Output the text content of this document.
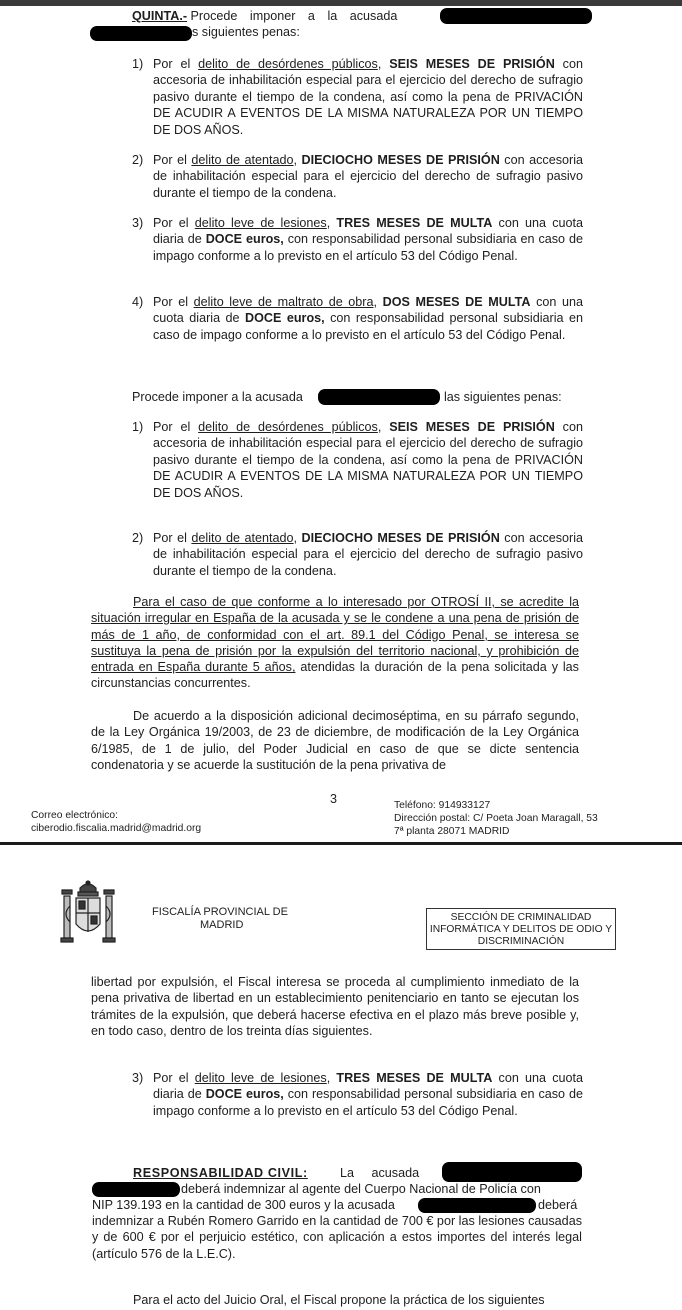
QUINTA.- Procede imponer a la acusada
s siguientes penas:
1) Por el delito de desórdenes públicos, SEIS MESES DE PRISIÓN con accesoria de inhabilitación especial para el ejercicio del derecho de sufragio pasivo durante el tiempo de la condena, así como la pena de PRIVACIÓN DE ACUDIR A EVENTOS DE LA MISMA NATURALEZA POR UN TIEMPO DE DOS AÑOS.
2) Por el delito de atentado, DIECIOCHO MESES DE PRISIÓN con accesoria de inhabilitación especial para el ejercicio del derecho de sufragio pasivo durante el tiempo de la condena.
3) Por el delito leve de lesiones, TRES MESES DE MULTA con una cuota diaria de DOCE euros, con responsabilidad personal subsidiaria en caso de impago conforme a lo previsto en el artículo 53 del Código Penal.
4) Por el delito leve de maltrato de obra, DOS MESES DE MULTA con una cuota diaria de DOCE euros, con responsabilidad personal subsidiaria en caso de impago conforme a lo previsto en el artículo 53 del Código Penal.
Procede imponer a la acusada	las siguientes penas:
1) Por el delito de desórdenes públicos, SEIS MESES DE PRISIÓN con accesoria de inhabilitación especial para el ejercicio del derecho de sufragio pasivo durante el tiempo de la condena, así como la pena de PRIVACIÓN DE ACUDIR A EVENTOS DE LA MISMA NATURALEZA POR UN TIEMPO DE DOS AÑOS.
2) Por el delito de atentado, DIECIOCHO MESES DE PRISIÓN con accesoria de inhabilitación especial para el ejercicio del derecho de sufragio pasivo durante el tiempo de la condena.
Para el caso de que conforme a lo interesado por OTROSÍ II, se acredite la situación irregular en España de la acusada y se le condene a una pena de prisión de más de 1 año, de conformidad con el art. 89.1 del Código Penal, se interesa se sustituya la pena de prisión por la expulsión del territorio nacional, y prohibición de entrada en España durante 5 años, atendidas la duración de la pena solicitada y las circunstancias concurrentes.
De acuerdo a la disposición adicional decimoséptima, en su párrafo segundo, de la Ley Orgánica 19/2003, de 23 de diciembre, de modificación de la Ley Orgánica 6/1985, de 1 de julio, del Poder Judicial en caso de que se dicte sentencia condenatoria y se acuerde la sustitución de la pena privativa de
Correo electrónico:
ciberodio.fiscalia.madrid@madrid.org
3	Teléfono: 914933127
Dirección postal: C/ Poeta Joan Maragall, 53
7ª planta 28071 MADRID
FISCALÍA PROVINCIAL DE
MADRID
SECCIÓN DE CRIMINALIDAD
INFORMÁTICA Y DELITOS DE ODIO Y
DISCRIMINACIÓN
libertad por expulsión, el Fiscal interesa se proceda al cumplimiento inmediato de la pena privativa de libertad en un establecimiento penitenciario en tanto se ejecutan los trámites de la expulsión, que deberá hacerse efectiva en el plazo más breve posible y, en todo caso, dentro de los treinta días siguientes.
3) Por el delito leve de lesiones, TRES MESES DE MULTA con una cuota diaria de DOCE euros, con responsabilidad personal subsidiaria en caso de impago conforme a lo previsto en el artículo 53 del Código Penal.
RESPONSABILIDAD CIVIL:	La acusada
deberá indemnizar al agente del Cuerpo Nacional de Policía con
NIP 139.193 en la cantidad de 300 euros y la acusada	deberá
indemnizar a Rubén Romero Garrido en la cantidad de 700 € por las lesiones causadas y de 600 € por el perjuicio estético, con aplicación a estos importes del interés legal (artículo 576 de la L.E.C).
Para el acto del Juicio Oral, el Fiscal propone la práctica de los siguientes
